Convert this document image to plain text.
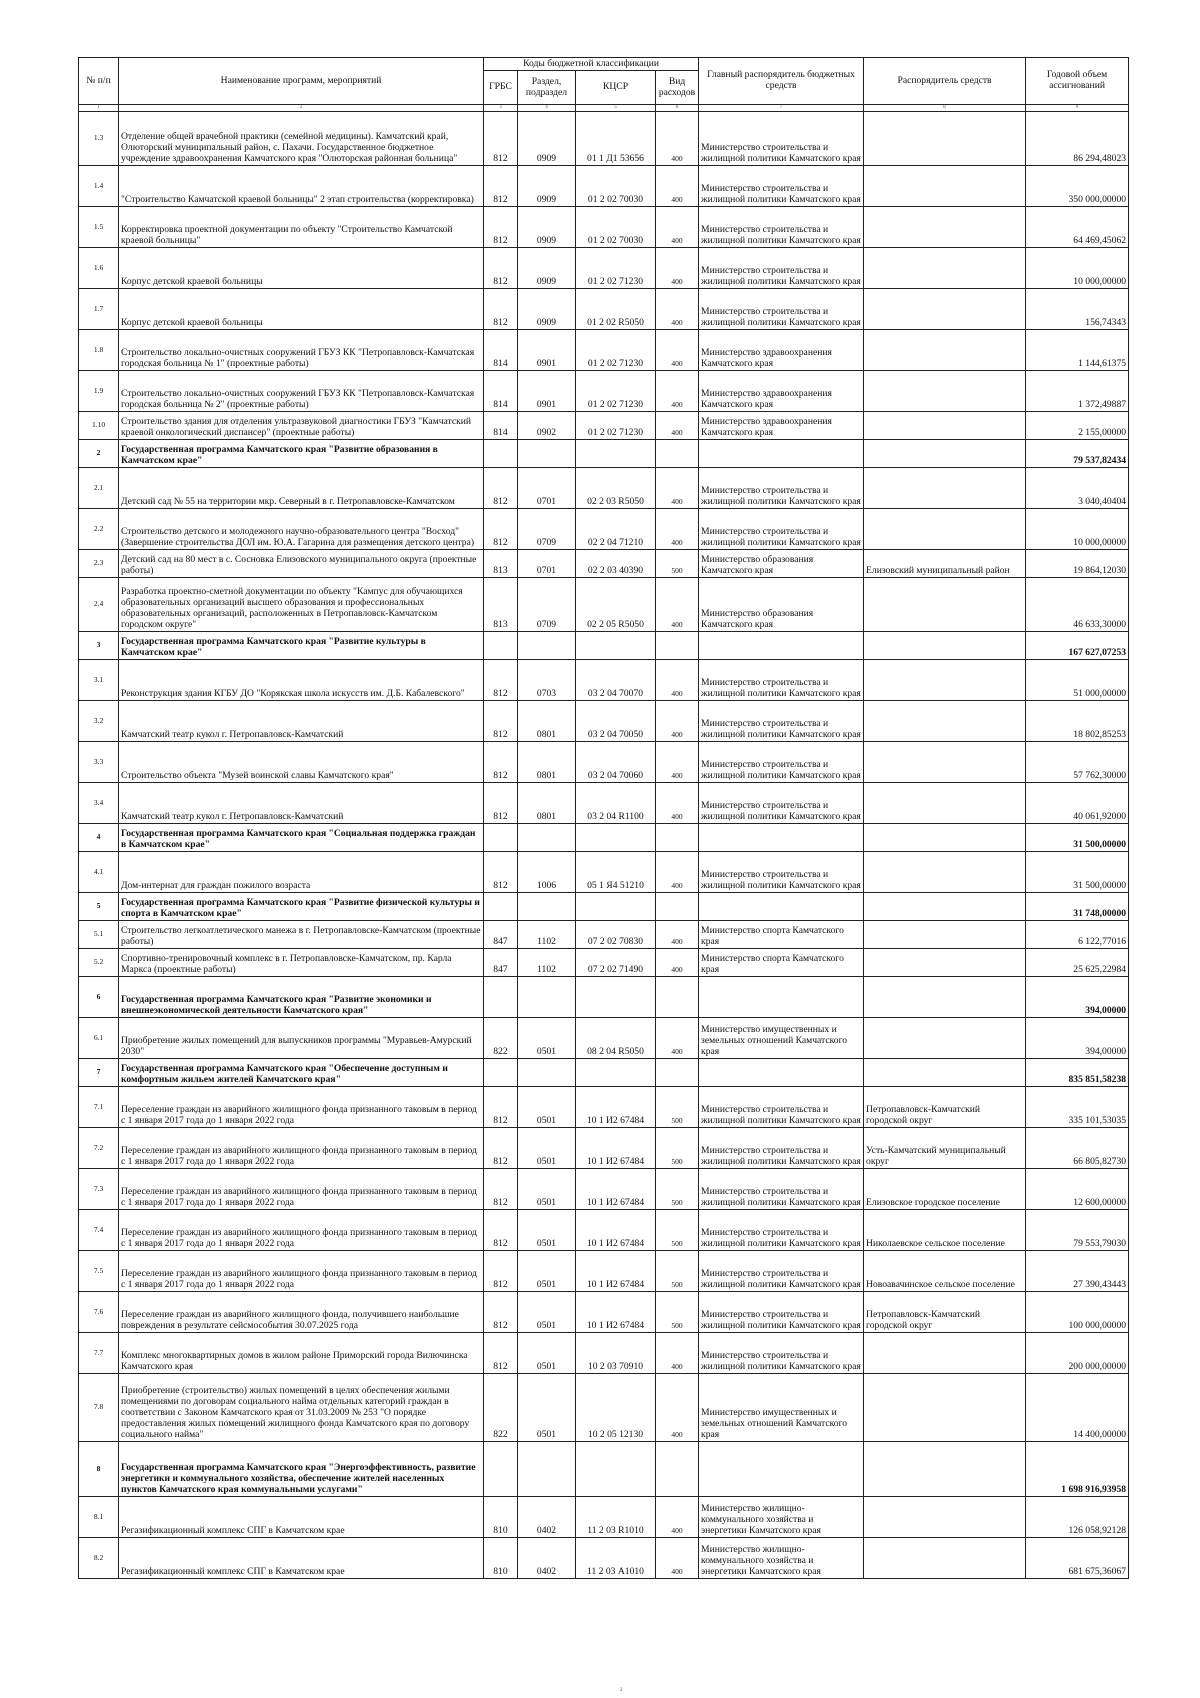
№ п/п	Наименование программ, мероприятий	Коды бюджетной классификации				Главный распорядитель бюджетных средств	Распорядитель средств	Годовой объем ассигнований
		ГРБС	Раздел, подраздел	КЦСР	Вид расходов			
1	2	3	4	5	6	7	8	9
1.3	Отделение общей врачебной практики (семейной медицины). Камчатский край, Олюторский муниципальный район, с. Пахачи. Государственное бюджетное учреждение здравоохранения Камчатского края "Олюторская районная больница"	812	0909	01 1 Д1 53656	400	Министерство строительства и жилищной политики Камчатского края		86 294,48023
1.4	"Строительство Камчатской краевой больницы" 2 этап строительства (корректировка)	812	0909	01 2 02 70030	400	Министерство строительства и жилищной политики Камчатского края		350 000,00000
1.5	Корректировка проектной документации по объекту "Строительство Камчатской краевой больницы"	812	0909	01 2 02 70030	400	Министерство строительства и жилищной политики Камчатского края		64 469,45062
1.6	Корпус детской краевой больницы	812	0909	01 2 02 71230	400	Министерство строительства и жилищной политики Камчатского края		10 000,00000
1.7	Корпус детской краевой больницы	812	0909	01 2 02 R5050	400	Министерство строительства и жилищной политики Камчатского края		156,74343
1.8	Строительство локально-очистных сооружений ГБУЗ КК "Петропавловск-Камчатская городская больница № 1" (проектные работы)	814	0901	01 2 02 71230	400	Министерство здравоохранения Камчатского края		1 144,61375
1.9	Строительство локально-очистных сооружений ГБУЗ КК "Петропавловск-Камчатская городская больница № 2" (проектные работы)	814	0901	01 2 02 71230	400	Министерство здравоохранения Камчатского края		1 372,49887
1.10	Строительство здания для отделения ультразвуковой диагностики ГБУЗ "Камчатский краевой онкологический диспансер" (проектные работы)	814	0902	01 2 02 71230	400	Министерство здравоохранения Камчатского края		2 155,00000
2	Государственная программа Камчатского края "Развитие образования в Камчатском крае"							79 537,82434
2.1	Детский сад № 55 на территории мкр. Северный в г. Петропавловске-Камчатском	812	0701	02 2 03 R5050	400	Министерство строительства и жилищной политики Камчатского края		3 040,40404
2.2	Строительство детского и молодежного научно-образовательного центра "Восход" (Завершение строительства ДОЛ им. Ю.А. Гагарина для размещения детского центра)	812	0709	02 2 04 71210	400	Министерство строительства и жилищной политики Камчатского края		10 000,00000
2.3	Детский сад на 80 мест в с. Сосновка Елизовского муниципального округа (проектные работы)	813	0701	02 2 03 40390	500	Министерство образования Камчатского края	Елизовский муниципальный район	19 864,12030
2.4	Разработка проектно-сметной документации по объекту "Кампус для обучающихся образовательных организаций высшего образования и профессиональных образовательных организаций, расположенных в Петропавловск-Камчатском городском округе"	813	0709	02 2 05 R5050	400	Министерство образования Камчатского края		46 633,30000
3	Государственная программа Камчатского края "Развитие культуры в Камчатском крае"							167 627,07253
3.1	Реконструкция здания КГБУ ДО "Корякская школа искусств им. Д.Б. Кабалевского"	812	0703	03 2 04 70070	400	Министерство строительства и жилищной политики Камчатского края		51 000,00000
3.2	Камчатский театр кукол г. Петропавловск-Камчатский	812	0801	03 2 04 70050	400	Министерство строительства и жилищной политики Камчатского края		18 802,85253
3.3	Строительство объекта "Музей воинской славы Камчатского края"	812	0801	03 2 04 70060	400	Министерство строительства и жилищной политики Камчатского края		57 762,30000
3.4	Камчатский театр кукол г. Петропавловск-Камчатский	812	0801	03 2 04 R1100	400	Министерство строительства и жилищной политики Камчатского края		40 061,92000
4	Государственная программа Камчатского края "Социальная поддержка граждан в Камчатском крае"							31 500,00000
4.1	Дом-интернат для граждан пожилого возраста	812	1006	05 1 Я4 51210	400	Министерство строительства и жилищной политики Камчатского края		31 500,00000
5	Государственная программа Камчатского края "Развитие физической культуры и спорта в Камчатском крае"							31 748,00000
5.1	Строительство легкоатлетического манежа в г. Петропавловске-Камчатском (проектные работы)	847	1102	07 2 02 70830	400	Министерство спорта Камчатского края		6 122,77016
5.2	Спортивно-тренировочный комплекс в г. Петропавловске-Камчатском, пр. Карла Маркса (проектные работы)	847	1102	07 2 02 71490	400	Министерство спорта Камчатского края		25 625,22984
6	Государственная программа Камчатского края "Развитие экономики и внешнеэкономической деятельности Камчатского края"							394,00000
6.1	Приобретение жилых помещений для выпускников программы "Муравьев-Амурский 2030"	822	0501	08 2 04 R5050	400	Министерство имущественных и земельных отношений Камчатского края		394,00000
7	Государственная программа Камчатского края "Обеспечение доступным и комфортным жильем жителей Камчатского края"							835 851,58238
7.1	Переселение граждан из аварийного жилищного фонда признанного таковым в период с 1 января 2017 года до 1 января 2022 года	812	0501	10 1 И2 67484	500	Министерство строительства и жилищной политики Камчатского края	Петропавловск-Камчатский городской округ	335 101,53035
7.2	Переселение граждан из аварийного жилищного фонда признанного таковым в период с 1 января 2017 года до 1 января 2022 года	812	0501	10 1 И2 67484	500	Министерство строительства и жилищной политики Камчатского края	Усть-Камчатский муниципальный округ	66 805,82730
7.3	Переселение граждан из аварийного жилищного фонда признанного таковым в период с 1 января 2017 года до 1 января 2022 года	812	0501	10 1 И2 67484	500	Министерство строительства и жилищной политики Камчатского края	Елизовское городское поселение	12 600,00000
7.4	Переселение граждан из аварийного жилищного фонда признанного таковым в период с 1 января 2017 года до 1 января 2022 года	812	0501	10 1 И2 67484	500	Министерство строительства и жилищной политики Камчатского края	Николаевское сельское поселение	79 553,79030
7.5	Переселение граждан из аварийного жилищного фонда признанного таковым в период с 1 января 2017 года до 1 января 2022 года	812	0501	10 1 И2 67484	500	Министерство строительства и жилищной политики Камчатского края	Новоавачинское сельское поселение	27 390,43443
7.6	Переселение граждан из аварийного жилищного фонда, получившего наибольшие повреждения в результате сейсмособытия 30.07.2025 года	812	0501	10 1 И2 67484	500	Министерство строительства и жилищной политики Камчатского края	Петропавловск-Камчатский городской округ	100 000,00000
7.7	Комплекс многоквартирных домов в жилом районе Приморский города Вилючинска Камчатского края	812	0501	10 2 03 70910	400	Министерство строительства и жилищной политики Камчатского края		200 000,00000
7.8	Приобретение (строительство) жилых помещений в целях обеспечения жилыми помещениями по договорам социального найма отдельных категорий граждан в соответствии с Законом Камчатского края от 31.03.2009 № 253 "О порядке предоставления жилых помещений жилищного фонда Камчатского края по договору социального найма"	822	0501	10 2 05 12130	400	Министерство имущественных и земельных отношений Камчатского края		14 400,00000
8	Государственная программа Камчатского края "Энергоэффективность, развитие энергетики и коммунального хозяйства, обеспечение жителей населенных пунктов Камчатского края коммунальными услугами"							1 698 916,93958
8.1	Регазификационный комплекс СПГ в Камчатском крае	810	0402	11 2 03 R1010	400	Министерство жилищно-коммунального хозяйства и энергетики Камчатского края		126 058,92128
8.2	Регазификационный комплекс СПГ в Камчатском крае	810	0402	11 2 03 А1010	400	Министерство жилищно-коммунального хозяйства и энергетики Камчатского края		681 675,36067
2
